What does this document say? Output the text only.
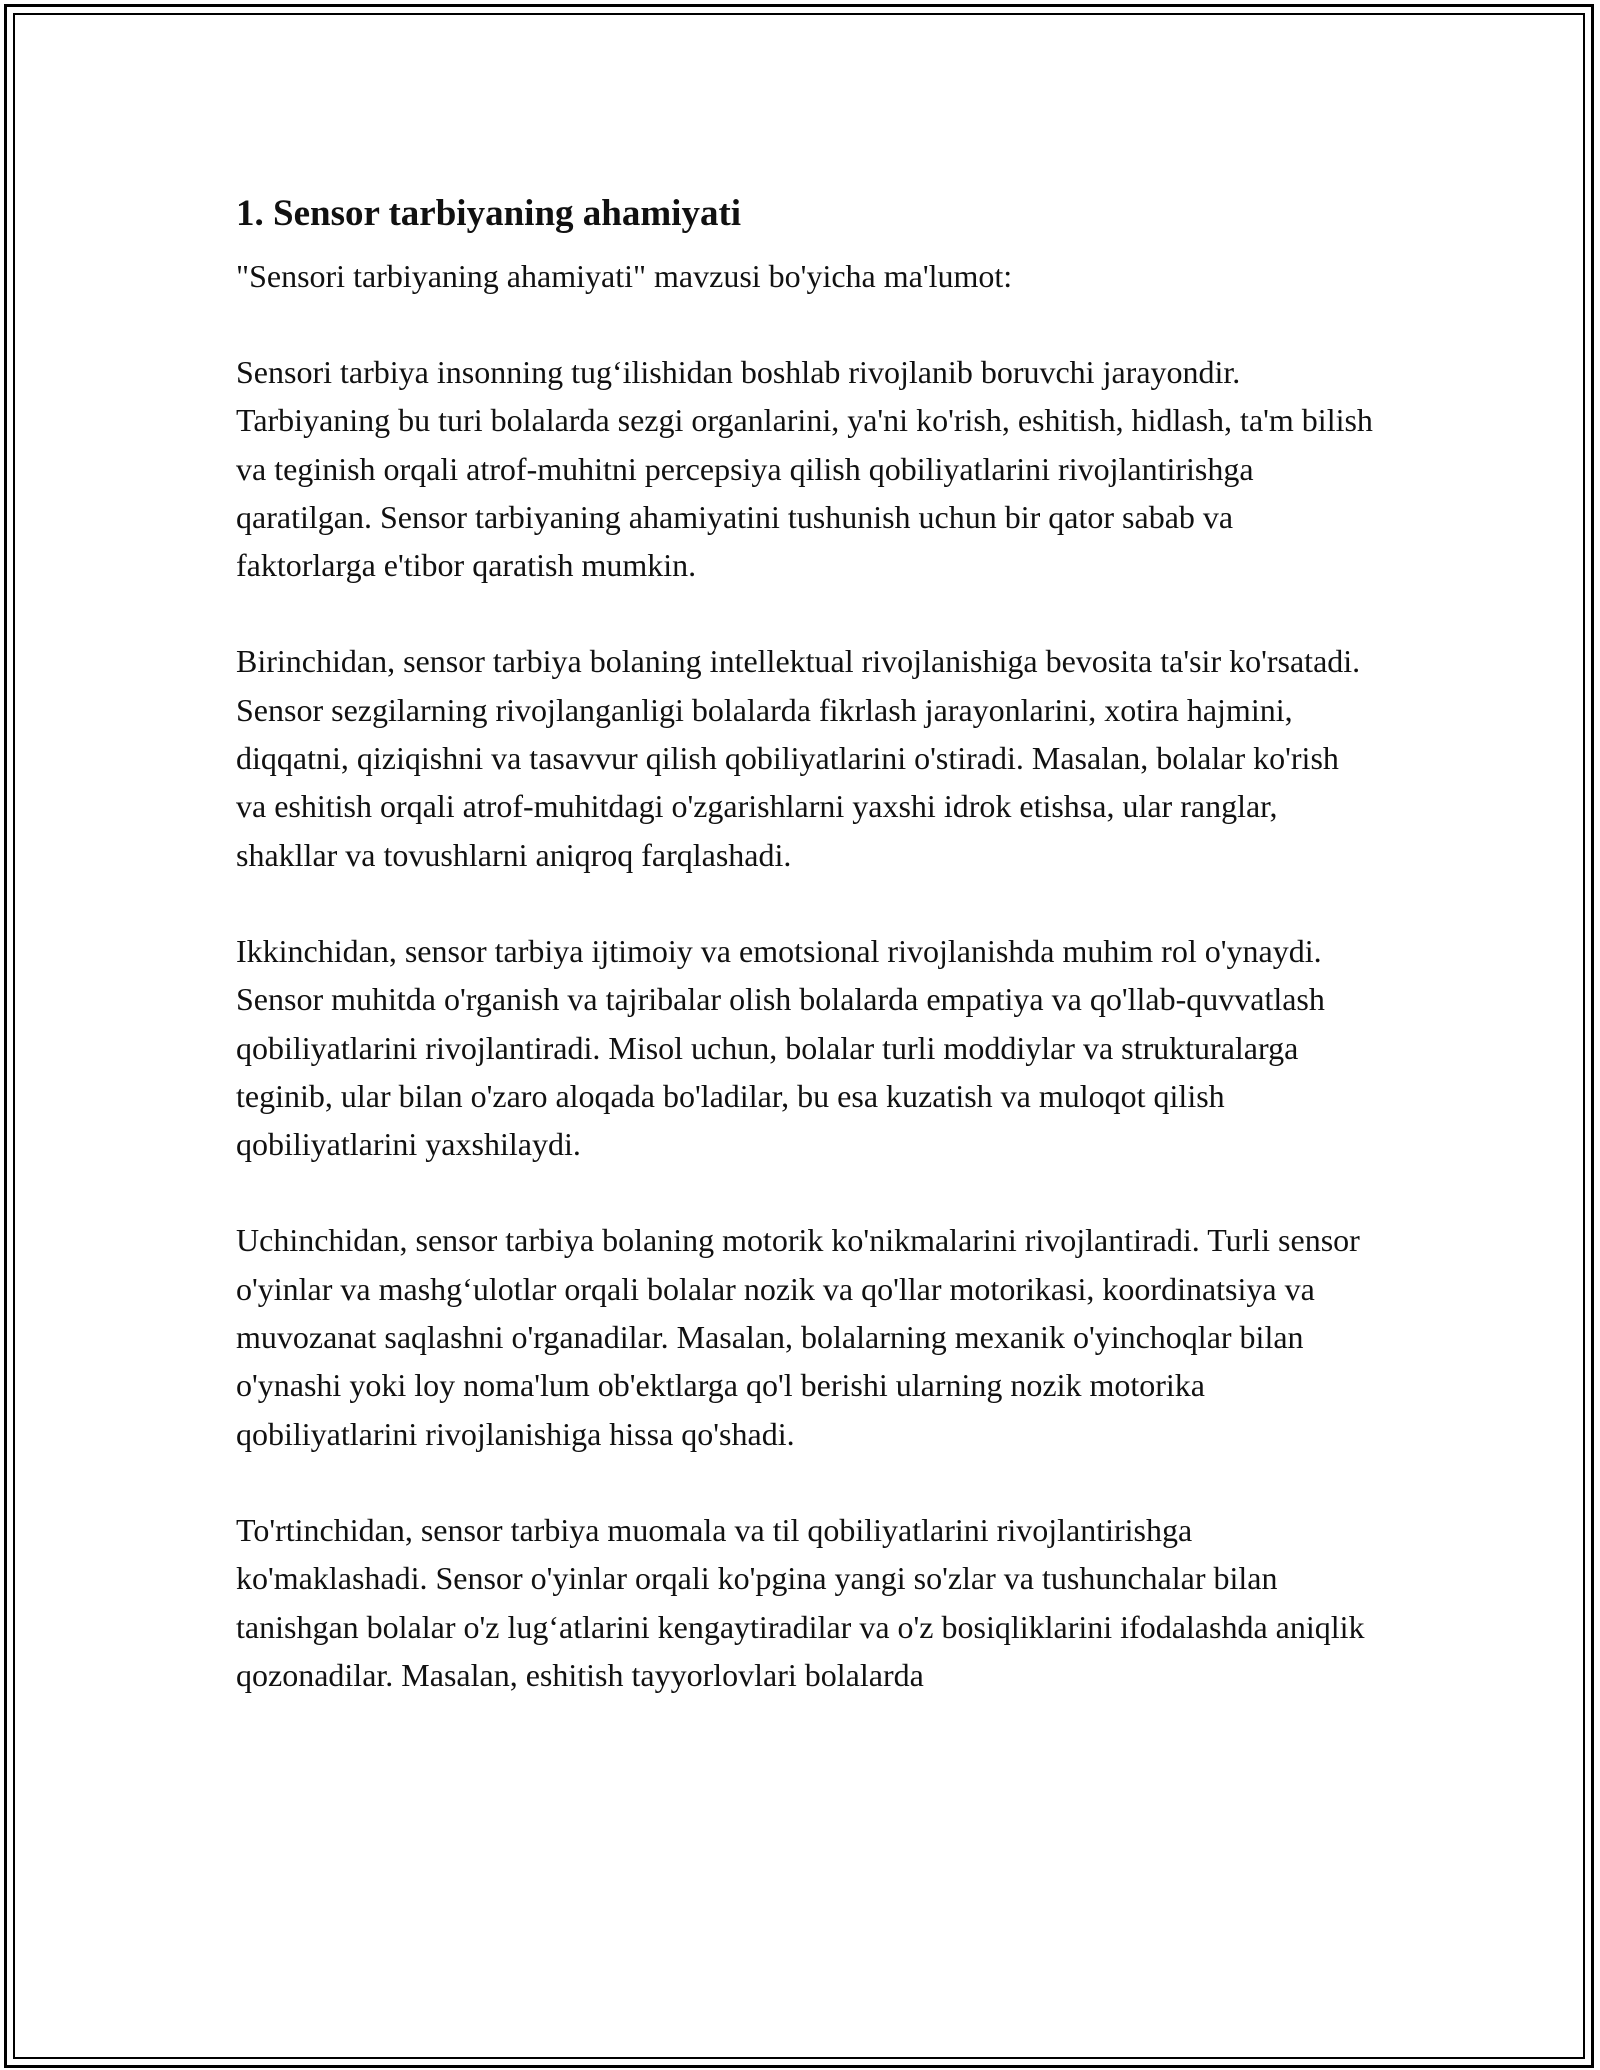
1. Sensor tarbiyaning ahamiyati

"Sensori tarbiyaning ahamiyati" mavzusi bo'yicha ma'lumot:

Sensori tarbiya insonning tug‘ilishidan boshlab rivojlanib boruvchi jarayondir. Tarbiyaning bu turi bolalarda sezgi organlarini, ya'ni ko'rish, eshitish, hidlash, ta'm bilish va teginish orqali atrof-muhitni percepsiya qilish qobiliyatlarini rivojlantirishga qaratilgan. Sensor tarbiyaning ahamiyatini tushunish uchun bir qator sabab va faktorlarga e'tibor qaratish mumkin.

Birinchidan, sensor tarbiya bolaning intellektual rivojlanishiga bevosita ta'sir ko'rsatadi. Sensor sezgilarning rivojlanganligi bolalarda fikrlash jarayonlarini, xotira hajmini, diqqatni, qiziqishni va tasavvur qilish qobiliyatlarini o'stiradi. Masalan, bolalar ko'rish va eshitish orqali atrof-muhitdagi o'zgarishlarni yaxshi idrok etishsa, ular ranglar, shakllar va tovushlarni aniqroq farqlashadi.

Ikkinchidan, sensor tarbiya ijtimoiy va emotsional rivojlanishda muhim rol o'ynaydi. Sensor muhitda o'rganish va tajribalar olish bolalarda empatiya va qo'llab-quvvatlash qobiliyatlarini rivojlantiradi. Misol uchun, bolalar turli moddiylar va strukturalarga teginib, ular bilan o'zaro aloqada bo'ladilar, bu esa kuzatish va muloqot qilish qobiliyatlarini yaxshilaydi.

Uchinchidan, sensor tarbiya bolaning motorik ko'nikmalarini rivojlantiradi. Turli sensor o'yinlar va mashg‘ulotlar orqali bolalar nozik va qo'llar motorikasi, koordinatsiya va muvozanat saqlashni o'rganadilar. Masalan, bolalarning mexanik o'yinchoqlar bilan o'ynashi yoki loy noma'lum ob'ektlarga qo'l berishi ularning nozik motorika qobiliyatlarini rivojlanishiga hissa qo'shadi.

To'rtinchidan, sensor tarbiya muomala va til qobiliyatlarini rivojlantirishga ko'maklashadi. Sensor o'yinlar orqali ko'pgina yangi so'zlar va tushunchalar bilan tanishgan bolalar o'z lug‘atlarini kengaytiradilar va o'z bosiqliklarini ifodalashda aniqlik qozonadilar. Masalan, eshitish tayyorlovlari bolalarda
